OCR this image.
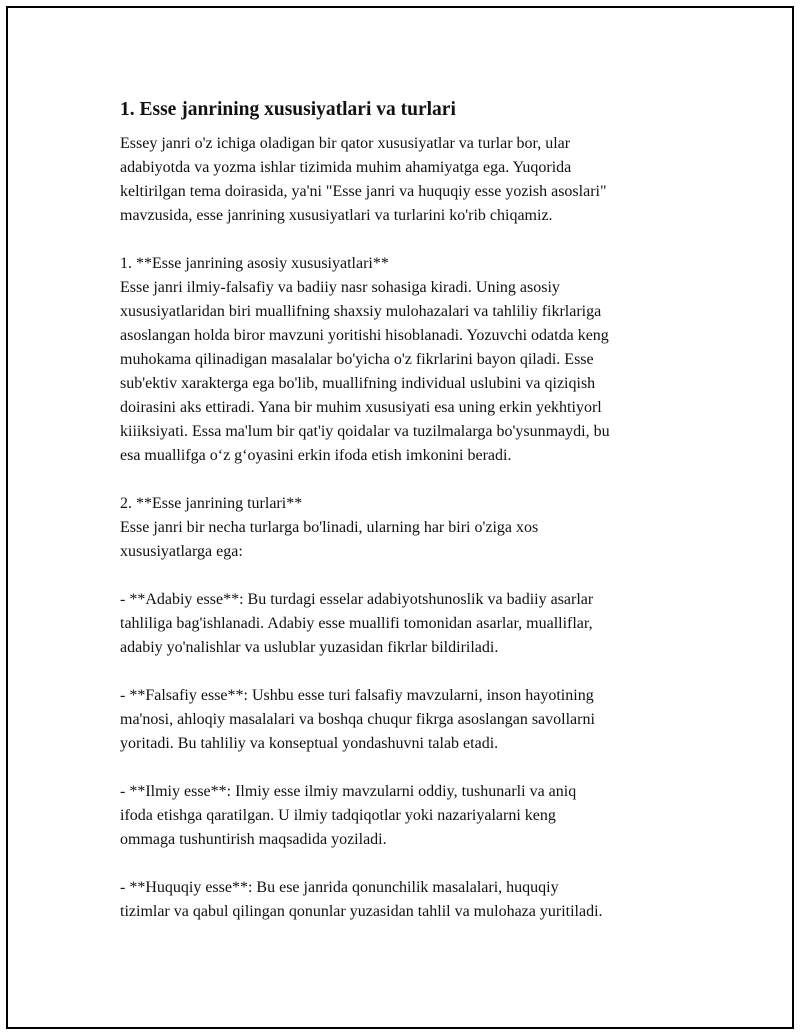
1. Esse janrining xususiyatlari va turlari

Essey janri o'z ichiga oladigan bir qator xususiyatlar va turlar bor, ular
adabiyotda va yozma ishlar tizimida muhim ahamiyatga ega. Yuqorida
keltirilgan tema doirasida, ya'ni "Esse janri va huquqiy esse yozish asoslari"
mavzusida, esse janrining xususiyatlari va turlarini ko'rib chiqamiz.

1. **Esse janrining asosiy xususiyatlari**
Esse janri ilmiy-falsafiy va badiiy nasr sohasiga kiradi. Uning asosiy
xususiyatlaridan biri muallifning shaxsiy mulohazalari va tahliliy fikrlariga
asoslangan holda biror mavzuni yoritishi hisoblanadi. Yozuvchi odatda keng
muhokama qilinadigan masalalar bo'yicha o'z fikrlarini bayon qiladi. Esse
sub'ektiv xarakterga ega bo'lib, muallifning individual uslubini va qiziqish
doirasini aks ettiradi. Yana bir muhim xususiyati esa uning erkin yekhtiyorl
kiiiksiyati. Essa ma'lum bir qat'iy qoidalar va tuzilmalarga bo'ysunmaydi, bu
esa muallifga o‘z g‘oyasini erkin ifoda etish imkonini beradi.

2. **Esse janrining turlari**
Esse janri bir necha turlarga bo'linadi, ularning har biri o'ziga xos
xususiyatlarga ega:

- **Adabiy esse**: Bu turdagi esselar adabiyotshunoslik va badiiy asarlar
tahliliga bag'ishlanadi. Adabiy esse muallifi tomonidan asarlar, mualliflar,
adabiy yo'nalishlar va uslublar yuzasidan fikrlar bildiriladi.

- **Falsafiy esse**: Ushbu esse turi falsafiy mavzularni, inson hayotining
ma'nosi, ahloqiy masalalari va boshqa chuqur fikrga asoslangan savollarni
yoritadi. Bu tahliliy va konseptual yondashuvni talab etadi.

- **Ilmiy esse**: Ilmiy esse ilmiy mavzularni oddiy, tushunarli va aniq
ifoda etishga qaratilgan. U ilmiy tadqiqotlar yoki nazariyalarni keng
ommaga tushuntirish maqsadida yoziladi.

- **Huquqiy esse**: Bu ese janrida qonunchilik masalalari, huquqiy
tizimlar va qabul qilingan qonunlar yuzasidan tahlil va mulohaza yuritiladi.
